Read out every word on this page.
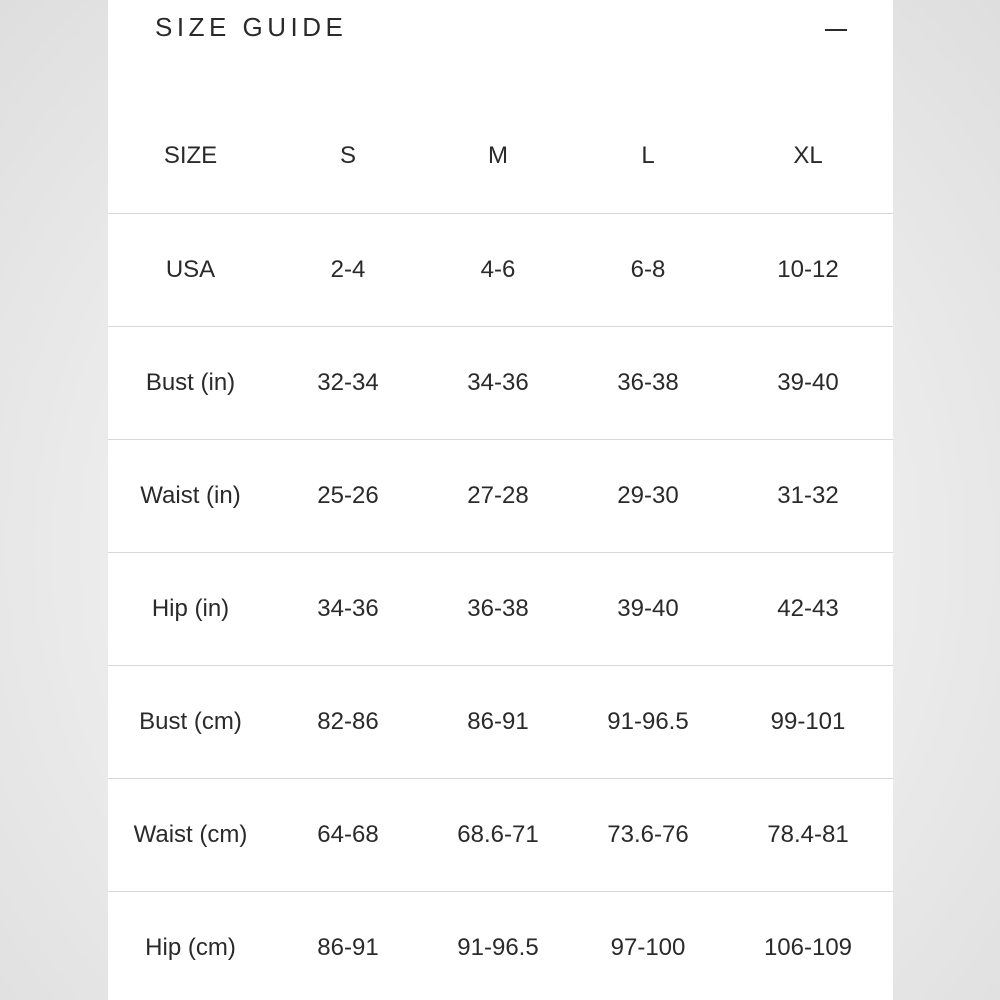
SIZE GUIDE
SIZE	S	M	L	XL
USA	2-4	4-6	6-8	10-12
Bust (in)	32-34	34-36	36-38	39-40
Waist (in)	25-26	27-28	29-30	31-32
Hip (in)	34-36	36-38	39-40	42-43
Bust (cm)	82-86	86-91	91-96.5	99-101
Waist (cm)	64-68	68.6-71	73.6-76	78.4-81
Hip (cm)	86-91	91-96.5	97-100	106-109
